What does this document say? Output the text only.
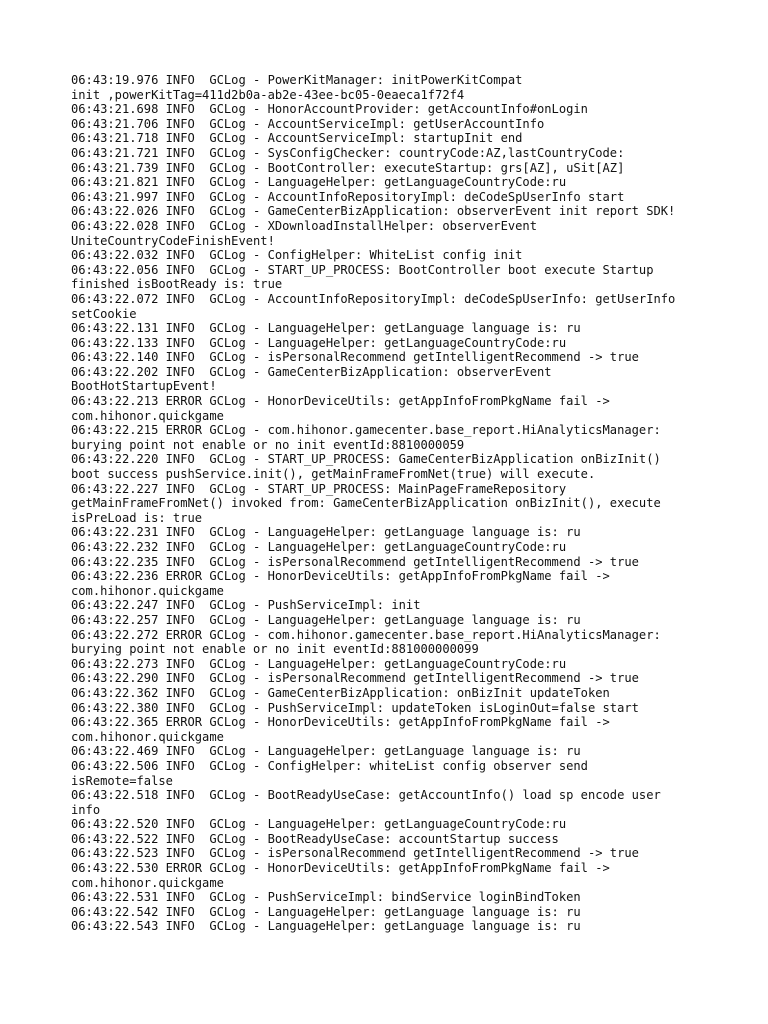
06:43:19.976 INFO  GCLog - PowerKitManager: initPowerKitCompat
init ,powerKitTag=411d2b0a-ab2e-43ee-bc05-0eaeca1f72f4
06:43:21.698 INFO  GCLog - HonorAccountProvider: getAccountInfo#onLogin
06:43:21.706 INFO  GCLog - AccountServiceImpl: getUserAccountInfo
06:43:21.718 INFO  GCLog - AccountServiceImpl: startupInit end
06:43:21.721 INFO  GCLog - SysConfigChecker: countryCode:AZ,lastCountryCode:
06:43:21.739 INFO  GCLog - BootController: executeStartup: grs[AZ], uSit[AZ]
06:43:21.821 INFO  GCLog - LanguageHelper: getLanguageCountryCode:ru
06:43:21.997 INFO  GCLog - AccountInfoRepositoryImpl: deCodeSpUserInfo start
06:43:22.026 INFO  GCLog - GameCenterBizApplication: observerEvent init report SDK!
06:43:22.028 INFO  GCLog - XDownloadInstallHelper: observerEvent
UniteCountryCodeFinishEvent!
06:43:22.032 INFO  GCLog - ConfigHelper: WhiteList config init
06:43:22.056 INFO  GCLog - START_UP_PROCESS: BootController boot execute Startup
finished isBootReady is: true
06:43:22.072 INFO  GCLog - AccountInfoRepositoryImpl: deCodeSpUserInfo: getUserInfo
setCookie
06:43:22.131 INFO  GCLog - LanguageHelper: getLanguage language is: ru
06:43:22.133 INFO  GCLog - LanguageHelper: getLanguageCountryCode:ru
06:43:22.140 INFO  GCLog - isPersonalRecommend getIntelligentRecommend -> true
06:43:22.202 INFO  GCLog - GameCenterBizApplication: observerEvent
BootHotStartupEvent!
06:43:22.213 ERROR GCLog - HonorDeviceUtils: getAppInfoFromPkgName fail ->
com.hihonor.quickgame
06:43:22.215 ERROR GCLog - com.hihonor.gamecenter.base_report.HiAnalyticsManager:
burying point not enable or no init eventId:8810000059
06:43:22.220 INFO  GCLog - START_UP_PROCESS: GameCenterBizApplication onBizInit()
boot success pushService.init(), getMainFrameFromNet(true) will execute.
06:43:22.227 INFO  GCLog - START_UP_PROCESS: MainPageFrameRepository
getMainFrameFromNet() invoked from: GameCenterBizApplication onBizInit(), execute
isPreLoad is: true
06:43:22.231 INFO  GCLog - LanguageHelper: getLanguage language is: ru
06:43:22.232 INFO  GCLog - LanguageHelper: getLanguageCountryCode:ru
06:43:22.235 INFO  GCLog - isPersonalRecommend getIntelligentRecommend -> true
06:43:22.236 ERROR GCLog - HonorDeviceUtils: getAppInfoFromPkgName fail ->
com.hihonor.quickgame
06:43:22.247 INFO  GCLog - PushServiceImpl: init
06:43:22.257 INFO  GCLog - LanguageHelper: getLanguage language is: ru
06:43:22.272 ERROR GCLog - com.hihonor.gamecenter.base_report.HiAnalyticsManager:
burying point not enable or no init eventId:881000000099
06:43:22.273 INFO  GCLog - LanguageHelper: getLanguageCountryCode:ru
06:43:22.290 INFO  GCLog - isPersonalRecommend getIntelligentRecommend -> true
06:43:22.362 INFO  GCLog - GameCenterBizApplication: onBizInit updateToken
06:43:22.380 INFO  GCLog - PushServiceImpl: updateToken isLoginOut=false start
06:43:22.365 ERROR GCLog - HonorDeviceUtils: getAppInfoFromPkgName fail ->
com.hihonor.quickgame
06:43:22.469 INFO  GCLog - LanguageHelper: getLanguage language is: ru
06:43:22.506 INFO  GCLog - ConfigHelper: whiteList config observer send
isRemote=false
06:43:22.518 INFO  GCLog - BootReadyUseCase: getAccountInfo() load sp encode user
info
06:43:22.520 INFO  GCLog - LanguageHelper: getLanguageCountryCode:ru
06:43:22.522 INFO  GCLog - BootReadyUseCase: accountStartup success
06:43:22.523 INFO  GCLog - isPersonalRecommend getIntelligentRecommend -> true
06:43:22.530 ERROR GCLog - HonorDeviceUtils: getAppInfoFromPkgName fail ->
com.hihonor.quickgame
06:43:22.531 INFO  GCLog - PushServiceImpl: bindService loginBindToken
06:43:22.542 INFO  GCLog - LanguageHelper: getLanguage language is: ru
06:43:22.543 INFO  GCLog - LanguageHelper: getLanguage language is: ru
